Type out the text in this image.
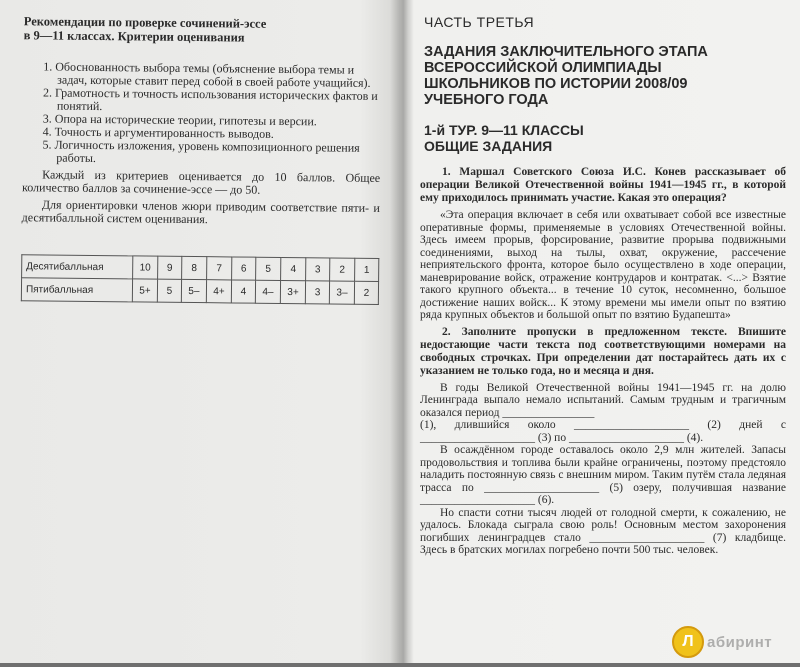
Рекомендации по проверке сочинений-эссе
в 9—11 классах. Критерии оценивания

1. Обоснованность выбора темы (объяснение выбора темы и задач, которые ставит перед собой в своей работе учащийся).

2. Грамотность и точность использования исторических фактов и понятий.

3. Опора на исторические теории, гипотезы и версии.

4. Точность и аргументированность выводов.

5. Логичность изложения, уровень композиционного решения работы.

Каждый из критериев оценивается до 10 баллов. Общее количество баллов за сочинение-эссе — до 50.

Для ориентировки членов жюри приводим соответствие пяти- и десятибалльной систем оценивания.

Десятибалльная	10	9	8	7	6	5	4	3	2	1
Пятибалльная	5+	5	5–	4+	4	4–	3+	3	3–	2
ЧАСТЬ ТРЕТЬЯ
ЗАДАНИЯ ЗАКЛЮЧИТЕЛЬНОГО ЭТАПА
ВСЕРОССИЙСКОЙ ОЛИМПИАДЫ
ШКОЛЬНИКОВ ПО ИСТОРИИ 2008/09
УЧЕБНОГО ГОДА
1-й ТУР. 9—11 КЛАССЫ
ОБЩИЕ ЗАДАНИЯ

1. Маршал Советского Союза И.С. Конев рассказывает об операции Великой Отечественной войны 1941—1945 гг., в которой ему приходилось принимать участие. Какая это операция?

«Эта операция включает в себя или охватывает собой все известные оперативные формы, применяемые в условиях Отечественной войны. Здесь имеем прорыв, форсирование, развитие прорыва подвижными соединениями, выход на тылы, охват, окружение, рассечение неприятельского фронта, которое было осуществлено в ходе операции, маневрирование войск, отражение контрударов и контратак. <...> Взятие такого крупного объекта... в течение 10 суток, несомненно, большое достижение наших войск... К этому времени мы имели опыт по взятию ряда крупных объектов и большой опыт по взятию Будапешта»

2. Заполните пропуски в предложенном тексте. Впишите недостающие части текста под соответствующими номерами на свободных строчках. При определении дат постарайтесь дать их с указанием не только года, но и месяца и дня.

В годы Великой Отечественной войны 1941—1945 гг. на долю Ленинграда выпало немало испытаний. Самым трудным и трагичным оказался период ________________

(1), длившийся около ____________________ (2) дней с ____________________ (3) по ____________________ (4).

В осаждённом городе оставалось около 2,9 млн жителей. Запасы продовольствия и топлива были крайне ограничены, поэтому предстояло наладить постоянную связь с внешним миром. Таким путём стала ледяная трасса по ____________________ (5) озеру, получившая название ____________________ (6).

Но спасти сотни тысяч людей от голодной смерти, к сожалению, не удалось. Блокада сыграла свою роль! Основным местом захоронения погибших ленинградцев стало ____________________ (7) кладбище. Здесь в братских могилах погребено почти 500 тыс. человек.

Л абиринт
